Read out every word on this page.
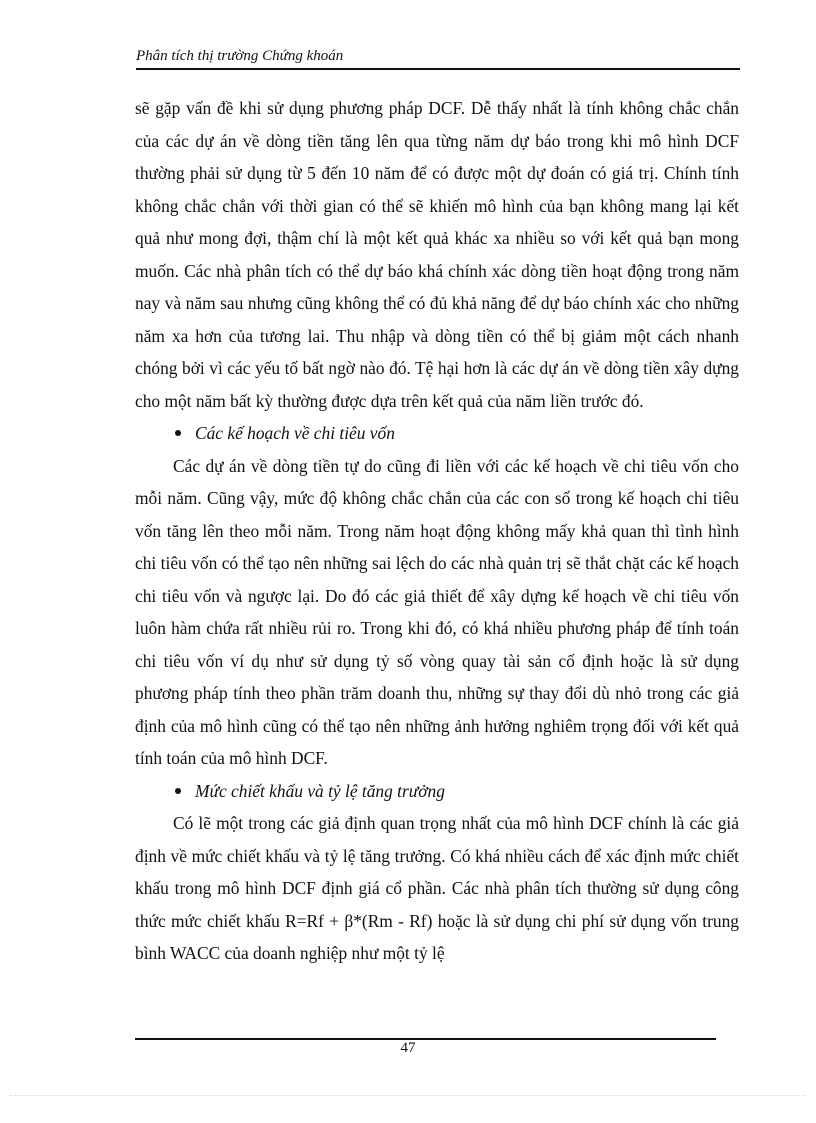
Phân tích thị trường Chứng khoán

sẽ gặp vấn đề khi sử dụng phương pháp DCF. Dễ thấy nhất là tính không chắc chắn của các dự án về dòng tiền tăng lên qua từng năm dự báo trong khi mô hình DCF thường phải sử dụng từ 5 đến 10 năm để có được một dự đoán có giá trị. Chính tính không chắc chắn với thời gian có thể sẽ khiến mô hình của bạn không mang lại kết quả như mong đợi, thậm chí là một kết quả khác xa nhiều so với kết quả bạn mong muốn. Các nhà phân tích có thể dự báo khá chính xác dòng tiền hoạt động trong năm nay và năm sau nhưng cũng không thể có đủ khả năng để dự báo chính xác cho những năm xa hơn của tương lai. Thu nhập và dòng tiền có thể bị giảm một cách nhanh chóng bởi vì các yếu tố bất ngờ nào đó. Tệ hại hơn là các dự án về dòng tiền xây dựng cho một năm bất kỳ thường được dựa trên kết quả của năm liền trước đó.

Các kế hoạch về chi tiêu vốn

Các dự án về dòng tiền tự do cũng đi liền với các kế hoạch về chi tiêu vốn cho mỗi năm. Cũng vậy, mức độ không chắc chắn của các con số trong kế hoạch chi tiêu vốn tăng lên theo mỗi năm. Trong năm hoạt động không mấy khả quan thì tình hình chi tiêu vốn có thể tạo nên những sai lệch do các nhà quản trị sẽ thắt chặt các kế hoạch chi tiêu vốn và ngược lại. Do đó các giả thiết để xây dựng kế hoạch về chi tiêu vốn luôn hàm chứa rất nhiều rủi ro. Trong khi đó, có khá nhiều phương pháp để tính toán chi tiêu vốn ví dụ như sử dụng tỷ số vòng quay tài sản cố định hoặc là sử dụng phương pháp tính theo phần trăm doanh thu, những sự thay đổi dù nhỏ trong các giả định của mô hình cũng có thể tạo nên những ảnh hưởng nghiêm trọng đối với kết quả tính toán của mô hình DCF.

Mức chiết khấu và tỷ lệ tăng trưởng

Có lẽ một trong các giả định quan trọng nhất của mô hình DCF chính là các giả định về mức chiết khấu và tỷ lệ tăng trưởng. Có khá nhiều cách để xác định mức chiết khấu trong mô hình DCF định giá cổ phần. Các nhà phân tích thường sử dụng công thức mức chiết khấu R=Rf + β*(Rm - Rf) hoặc là sử dụng chi phí sử dụng vốn trung bình WACC của doanh nghiệp như một tỷ lệ

47
